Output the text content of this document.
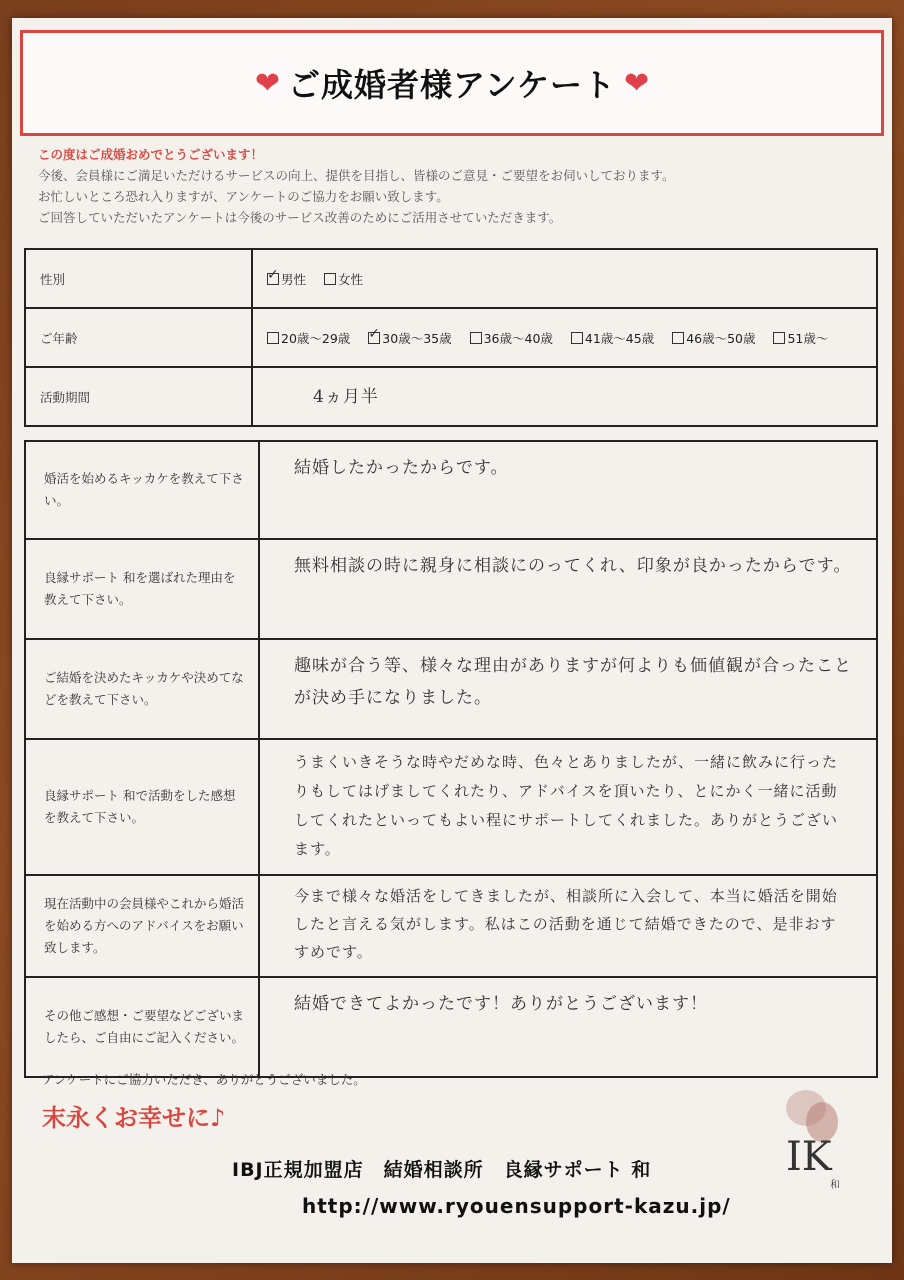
❤ ご成婚者様アンケート ❤
この度はご成婚おめでとうございます！
今後、会員様にご満足いただけるサービスの向上、提供を目指し、皆様のご意見・ご要望をお伺いしております。
お忙しいところ恐れ入りますが、アンケートのご協力をお願い致します。
ご回答していただいたアンケートは今後のサービス改善のためにご活用させていただきます。
性別	✓男性 女性
ご年齢	20歳～29歳 ✓ 30歳～35歳 36歳～40歳 41歳～45歳 46歳～50歳 51歳～
活動期間	4ヵ月半
婚活を始めるキッカケを教えて下さい。	結婚したかったからです。

良縁サポート 和を選ばれた理由を教えて下さい。	無料相談の時に親身に相談にのってくれ、印象が良かったからです。

ご結婚を決めたキッカケや決めてなどを教えて下さい。	趣味が合う等、様々な理由がありますが何よりも価値観が合ったことが決め手になりました。

良縁サポート 和で活動をした感想を教えて下さい。	うまくいきそうな時やだめな時、色々とありましたが、一緒に飲みに行ったりもしてはげましてくれたり、アドバイスを頂いたり、とにかく一緒に活動してくれたといってもよい程にサポートしてくれました。ありがとうございます。

現在活動中の会員様やこれから婚活を始める方へのアドバイスをお願い致します。	今まで様々な婚活をしてきましたが、相談所に入会して、本当に婚活を開始したと言える気がします。私はこの活動を通じて結婚できたので、是非おすすめです。

その他ご感想・ご要望などございましたら、ご自由にご記入ください。	結婚できてよかったです！ありがとうございます！
アンケートにご協力いただき、ありがとうございました。
末永くお幸せに♪
IBJ正規加盟店　結婚相談所　良縁サポート 和
http://www.ryouensupport-kazu.jp/
IK
和
